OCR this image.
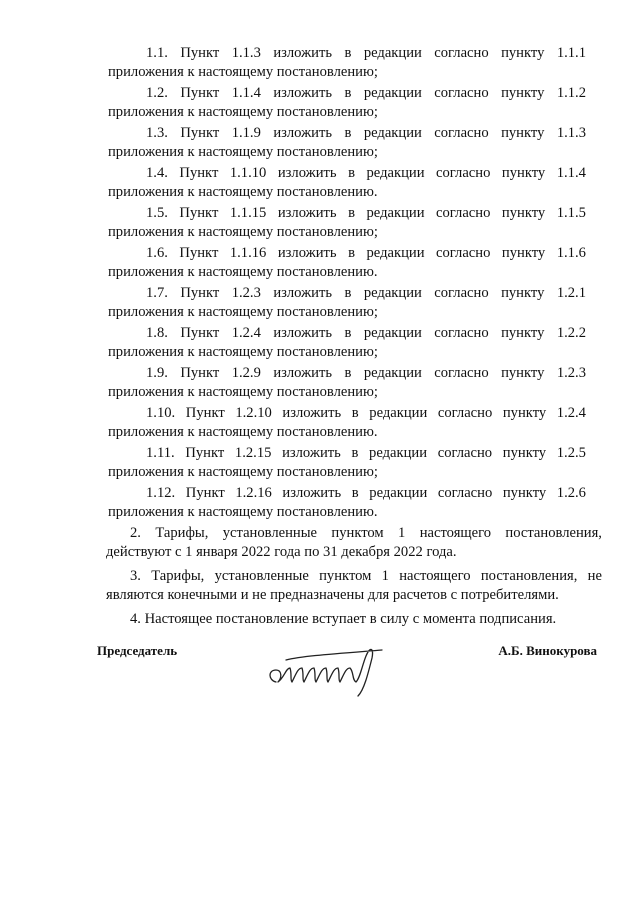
1.1. Пункт 1.1.3 изложить в редакции согласно пункту 1.1.1
приложения к настоящему постановлению;
1.2. Пункт 1.1.4 изложить в редакции согласно пункту 1.1.2
приложения к настоящему постановлению;
1.3. Пункт 1.1.9 изложить в редакции согласно пункту 1.1.3
приложения к настоящему постановлению;
1.4. Пункт 1.1.10 изложить в редакции согласно пункту 1.1.4
приложения к настоящему постановлению.
1.5. Пункт 1.1.15 изложить в редакции согласно пункту 1.1.5
приложения к настоящему постановлению;
1.6. Пункт 1.1.16 изложить в редакции согласно пункту 1.1.6
приложения к настоящему постановлению.
1.7. Пункт 1.2.3 изложить в редакции согласно пункту 1.2.1
приложения к настоящему постановлению;
1.8. Пункт 1.2.4 изложить в редакции согласно пункту 1.2.2
приложения к настоящему постановлению;
1.9. Пункт 1.2.9 изложить в редакции согласно пункту 1.2.3
приложения к настоящему постановлению;
1.10. Пункт 1.2.10 изложить в редакции согласно пункту 1.2.4
приложения к настоящему постановлению.
1.11. Пункт 1.2.15 изложить в редакции согласно пункту 1.2.5
приложения к настоящему постановлению;
1.12. Пункт 1.2.16 изложить в редакции согласно пункту 1.2.6
приложения к настоящему постановлению.
2. Тарифы, установленные пунктом 1 настоящего постановления,
действуют с 1 января 2022 года по 31 декабря 2022 года.
3. Тарифы, установленные пунктом 1 настоящего постановления, не
являются конечными и не предназначены для расчетов с потребителями.
4. Настоящее постановление вступает в силу с момента подписания.
Председатель	А.Б. Винокурова
